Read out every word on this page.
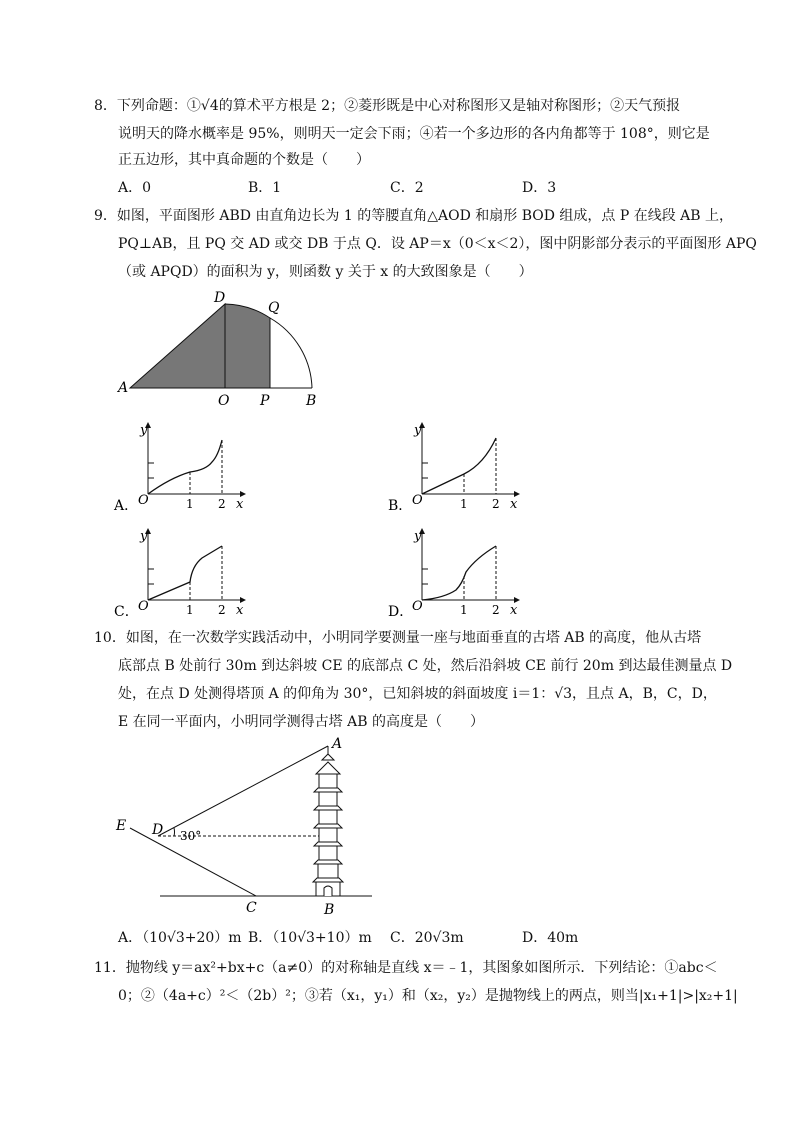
8．下列命题：①√4的算术平方根是 2；②菱形既是中心对称图形又是轴对称图形；②天气预报
说明天的降水概率是 95%，则明天一定会下雨；④若一个多边形的各内角都等于 108°，则它是
正五边形，其中真命题的个数是（　　）
A．0	B．1	C．2	D．3
9．如图，平面图形 ABD 由直角边长为 1 的等腰直角△AOD 和扇形 BOD 组成，点 P 在线段 AB 上，
PQ⊥AB，且 PQ 交 AD 或交 DB 于点 Q．设 AP＝x（0＜x＜2），图中阴影部分表示的平面图形 APQ
（或 APQD）的面积为 y，则函数 y 关于 x 的大致图象是（　　）
A
D
Q
O P	B
y
O	1 2 x
A．
y
O	1 2 x
B．
y
O	1 2 x
C．
y
O	1 2 x
D．
10．如图，在一次数学实践活动中，小明同学要测量一座与地面垂直的古塔 AB 的高度，他从古塔
底部点 B 处前行 30m 到达斜坡 CE 的底部点 C 处，然后沿斜坡 CE 前行 20m 到达最佳测量点 D
处，在点 D 处测得塔顶 A 的仰角为 30°，已知斜坡的斜面坡度 i＝1：√3，且点 A，B，C，D，
E 在同一平面内，小明同学测得古塔 AB 的高度是（　　）
A
E D 30°
C	B
A．（10√3+20）m B．（10√3+10）m C．20√3m	D．40m
11．抛物线 y＝ax²+bx+c（a≠0）的对称轴是直线 x＝﹣1，其图象如图所示．下列结论：①abc＜
0；②（4a+c）²＜（2b）²；③若（x₁，y₁）和（x₂，y₂）是抛物线上的两点，则当|x₁+1|>|x₂+1|
